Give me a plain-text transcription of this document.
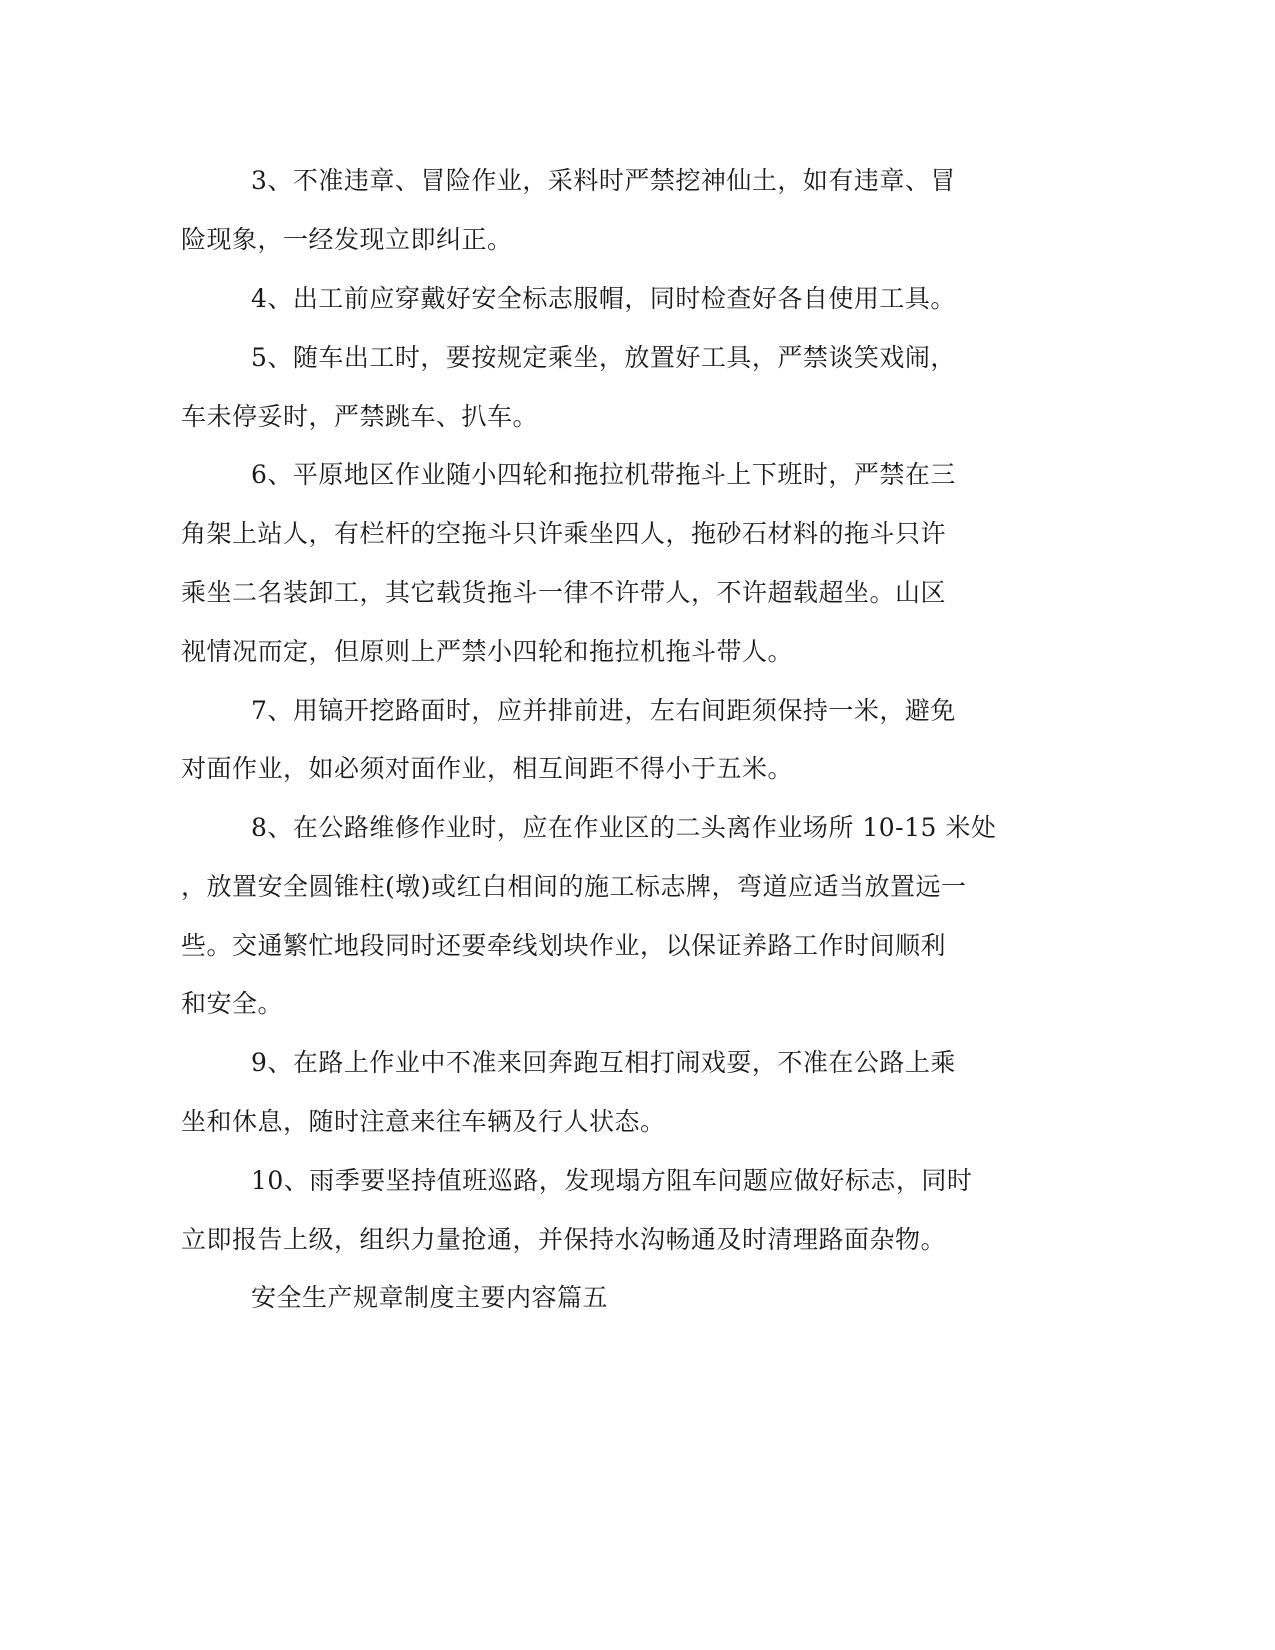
3、不准违章、冒险作业，采料时严禁挖神仙土，如有违章、冒

险现象，一经发现立即纠正。

4、出工前应穿戴好安全标志服帽，同时检查好各自使用工具。

5、随车出工时，要按规定乘坐，放置好工具，严禁谈笑戏闹，

车未停妥时，严禁跳车、扒车。

6、平原地区作业随小四轮和拖拉机带拖斗上下班时，严禁在三

角架上站人，有栏杆的空拖斗只许乘坐四人，拖砂石材料的拖斗只许

乘坐二名装卸工，其它载货拖斗一律不许带人，不许超载超坐。山区

视情况而定，但原则上严禁小四轮和拖拉机拖斗带人。

7、用镐开挖路面时，应并排前进，左右间距须保持一米，避免

对面作业，如必须对面作业，相互间距不得小于五米。

8、在公路维修作业时，应在作业区的二头离作业场所 10-15 米处

，放置安全圆锥柱(墩)或红白相间的施工标志牌，弯道应适当放置远一

些。交通繁忙地段同时还要牵线划块作业，以保证养路工作时间顺利

和安全。

9、在路上作业中不准来回奔跑互相打闹戏耍，不准在公路上乘

坐和休息，随时注意来往车辆及行人状态。

10、雨季要坚持值班巡路，发现塌方阻车问题应做好标志，同时

立即报告上级，组织力量抢通，并保持水沟畅通及时清理路面杂物。

安全生产规章制度主要内容篇五
